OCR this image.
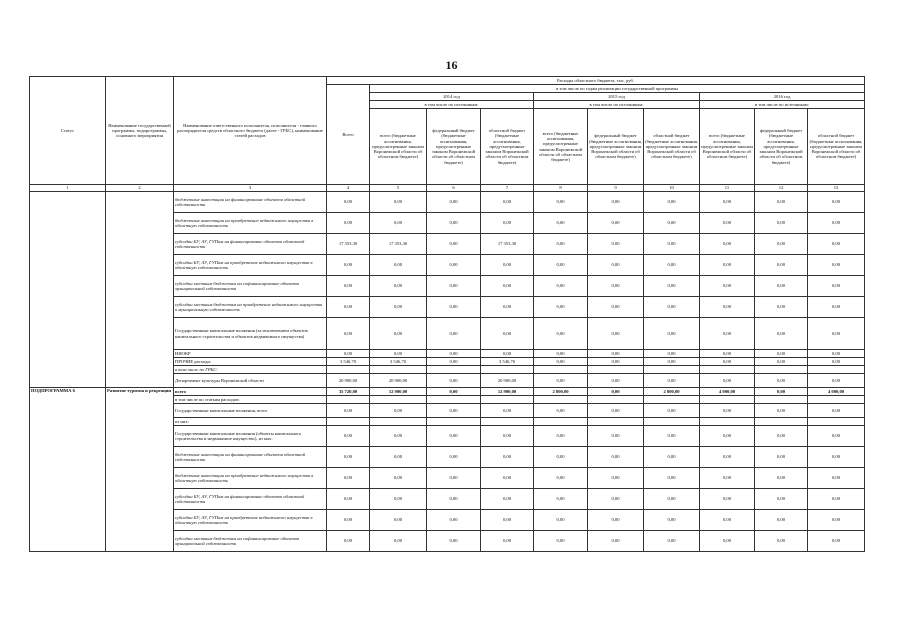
16
Статус	Наименование государственной программы, подпрограммы, основного мероприятия	Наименование ответственного исполнителя, исполнителя - главного распорядителя средств областного бюджета (далее - ГРБС), наименование статей расходов	Расходы областного бюджета, тыс. руб.									
			Всего	в том числе по годам реализации государственной программы								
				2014 год			2015 год			2016 год		
				в том числе по источникам:			в том числе по источникам:			в том числе по источникам:		
				всего (бюджетные ассигнования, предусмотренные законом Воронежской области об областном бюджете)	федеральный бюджет (бюджетные ассигнования, предусмотренные законом Воронежской области об областном бюджете)	областной бюджет (бюджетные ассигнования, предусмотренные законом Воронежской области об областном бюджете)	всего (бюджетные ассигнования, предусмотренные законом Воронежской области об областном бюджете)	федеральный бюджет (бюджетные ассигнования, предусмотренные законом Воронежской области об областном бюджете)	областной бюджет (бюджетные ассигнования, предусмотренные законом Воронежской области об областном бюджете)	всего (бюджетные ассигнования, предусмотренные законом Воронежской области об областном бюджете)	федеральный бюджет (бюджетные ассигнования, предусмотренные законом Воронежской области об областном бюджете)	областной бюджет (бюджетные ассигнования, предусмотренные законом Воронежской области об областном бюджете)
1	2	3	4	5	6	7	8	9	10	11	12	13
		бюджетные инвестиции на финансирование объектов областной собственности	0,00	0,00	0,00	0,00	0,00	0,00	0,00	0,00	0,00	0,00
		бюджетные инвестиции на приобретение недвижимого имущества в областную собственность	0,00	0,00	0,00	0,00	0,00	0,00	0,00	0,00	0,00	0,00
		субсидии БУ, АУ, ГУПам на финансирование объектов областной собственности	17 353,30	17 353,30	0,00	17 353,30	0,00	0,00	0,00	0,00	0,00	0,00
		субсидии БУ, АУ, ГУПам на приобретение недвижимого имущества в областную собственность	0,00	0,00	0,00	0,00	0,00	0,00	0,00	0,00	0,00	0,00
		субсидии местным бюджетам на софинансирование объектов муниципальной собственности	0,00	0,00	0,00	0,00	0,00	0,00	0,00	0,00	0,00	0,00
		субсидии местным бюджетам на приобретение недвижимого имущества в муниципальную собственность	0,00	0,00	0,00	0,00	0,00	0,00	0,00	0,00	0,00	0,00
		Государственные капитальные вложения (за исключением объектов капитального строительства и объектов недвижимого имущества)	0,00	0,00	0,00	0,00	0,00	0,00	0,00	0,00	0,00	0,00
		НИОКР	0,00	0,00	0,00	0,00	0,00	0,00	0,00	0,00	0,00	0,00
		ПРОЧИЕ расходы	3 546,70	3 546,70	0,00	3 546,70	0,00	0,00	0,00	0,00	0,00	0,00
		в том числе по ГРБС:										
		Департамент культуры Воронежской области	20 900,00	20 900,00	0,00	20 900,00	0,00	0,00	0,00	0,00	0,00	0,00
ПОДПРОГРАММА 6	Развитие туризма и рекреации	всего	35 720,00	12 900,00	0,00	12 900,00	2 800,00	0,00	2 800,00	4 000,00	0,00	4 000,00
		в том числе по статьям расходов:										
		Государственные капитальные вложения, всего	0,00	0,00	0,00	0,00	0,00	0,00	0,00	0,00	0,00	0,00
		из них:										
		Государственные капитальные вложения (объекты капитального строительства и недвижимое имущество), из них:	0,00	0,00	0,00	0,00	0,00	0,00	0,00	0,00	0,00	0,00
		бюджетные инвестиции на финансирование объектов областной собственности	0,00	0,00	0,00	0,00	0,00	0,00	0,00	0,00	0,00	0,00
		бюджетные инвестиции на приобретение недвижимого имущества в областную собственность	0,00	0,00	0,00	0,00	0,00	0,00	0,00	0,00	0,00	0,00
		субсидии БУ, АУ, ГУПам на финансирование объектов областной собственности	0,00	0,00	0,00	0,00	0,00	0,00	0,00	0,00	0,00	0,00
		субсидии БУ, АУ, ГУПам на приобретение недвижимого имущества в областную собственность	0,00	0,00	0,00	0,00	0,00	0,00	0,00	0,00	0,00	0,00
		субсидии местным бюджетам на софинансирование объектов муниципальной собственности	0,00	0,00	0,00	0,00	0,00	0,00	0,00	0,00	0,00	0,00
